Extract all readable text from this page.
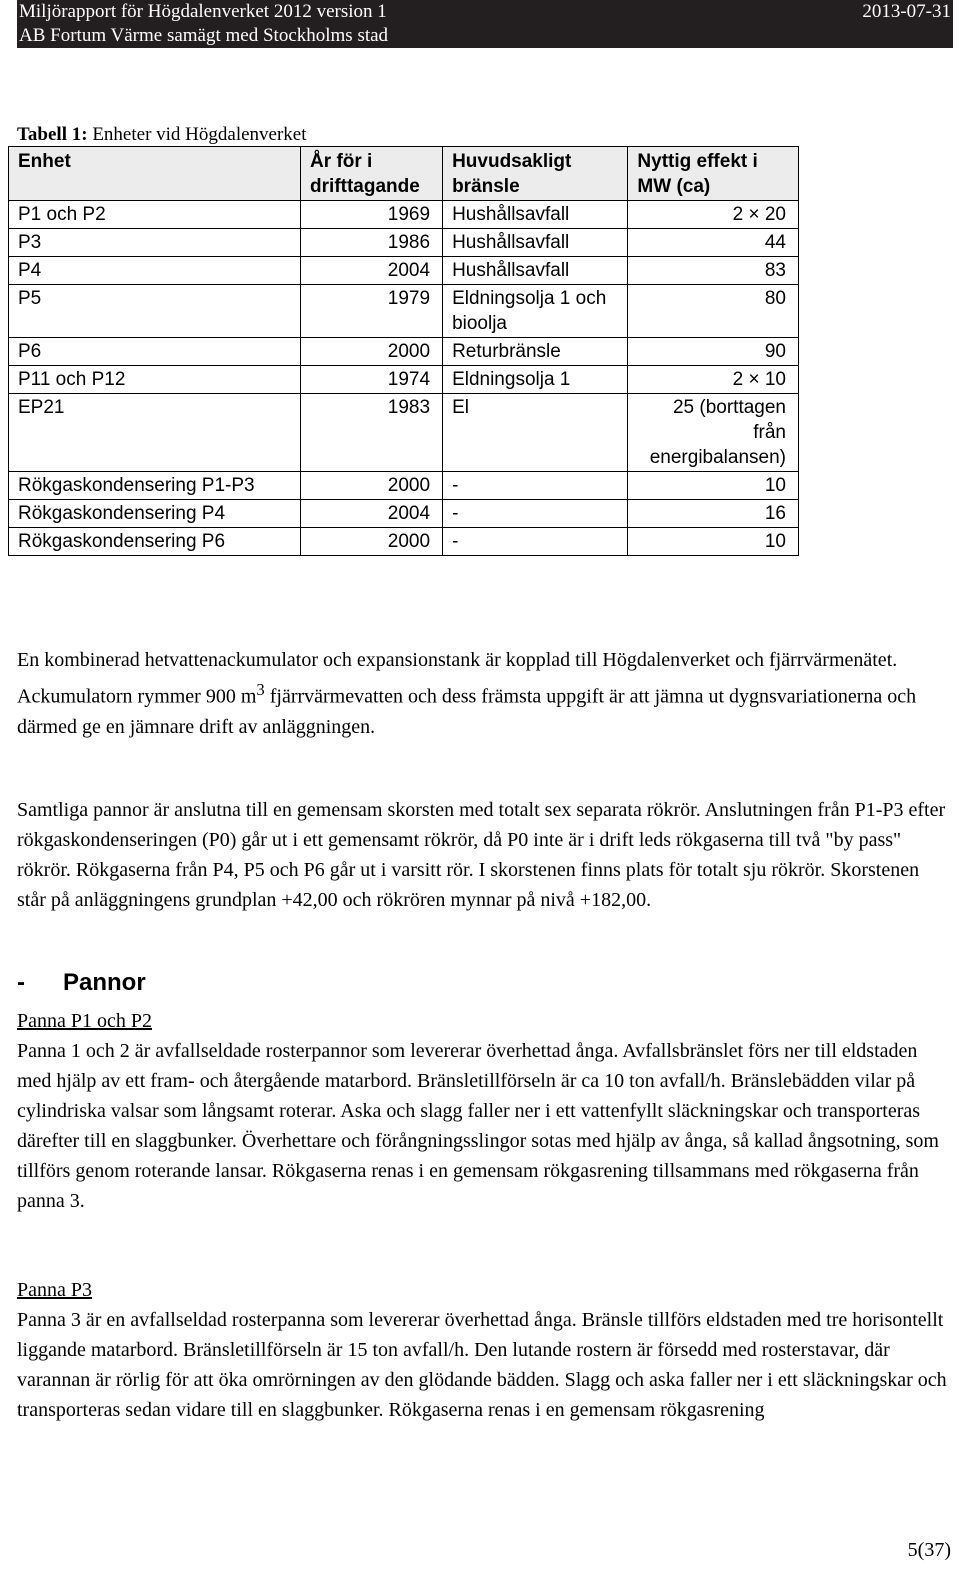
Miljörapport för Högdalenverket 2012 version 1	2013-07-31
AB Fortum Värme samägt med Stockholms stad
Tabell 1: Enheter vid Högdalenverket
Enhet	År för i drifttagande	Huvudsakligt bränsle	Nyttig effekt i MW (ca)
P1 och P2	1969	Hushållsavfall	2 × 20
P3	1986	Hushållsavfall	44
P4	2004	Hushållsavfall	83
P5	1979	Eldningsolja 1 och bioolja	80
P6	2000	Returbränsle	90
P11 och P12	1974	Eldningsolja 1	2 × 10
EP21	1983	El	25 (borttagen från energibalansen)
Rökgaskondensering P1-P3	2000	-	10
Rökgaskondensering P4	2004	-	16
Rökgaskondensering P6	2000	-	10

En kombinerad hetvattenackumulator och expansionstank är kopplad till Högdalenverket och fjärrvärmenätet. Ackumulatorn rymmer 900 $m^3$ fjärrvärmevatten och dess främsta uppgift är att jämna ut dygnsvariationerna och därmed ge en jämnare drift av anläggningen.

Samtliga pannor är anslutna till en gemensam skorsten med totalt sex separata rökrör. Anslutningen från P1-P3 efter rökgaskondenseringen (P0) går ut i ett gemensamt rökrör, då P0 inte är i drift leds rökgaserna till två "by pass" rökrör. Rökgaserna från P4, P5 och P6 går ut i varsitt rör. I skorstenen finns plats för totalt sju rökrör. Skorstenen står på anläggningens grundplan +42,00 och rökrören mynnar på nivå +182,00.

- Pannor

Panna P1 och P2

Panna 1 och 2 är avfallseldade rosterpannor som levererar överhettad ånga. Avfallsbränslet förs ner till eldstaden med hjälp av ett fram- och återgående matarbord. Bränsletillförseln är ca 10 ton avfall/h. Bränslebädden vilar på cylindriska valsar som långsamt roterar. Aska och slagg faller ner i ett vattenfyllt släckningskar och transporteras därefter till en slaggbunker. Överhettare och förångningsslingor sotas med hjälp av ånga, så kallad ångsotning, som tillförs genom roterande lansar. Rökgaserna renas i en gemensam rökgasrening tillsammans med rökgaserna från panna 3.

Panna P3

Panna 3 är en avfallseldad rosterpanna som levererar överhettad ånga. Bränsle tillförs eldstaden med tre horisontellt liggande matarbord. Bränsletillförseln är 15 ton avfall/h. Den lutande rostern är försedd med rosterstavar, där varannan är rörlig för att öka omrörningen av den glödande bädden. Slagg och aska faller ner i ett släckningskar och transporteras sedan vidare till en slaggbunker. Rökgaserna renas i en gemensam rökgasrening

5(37)
